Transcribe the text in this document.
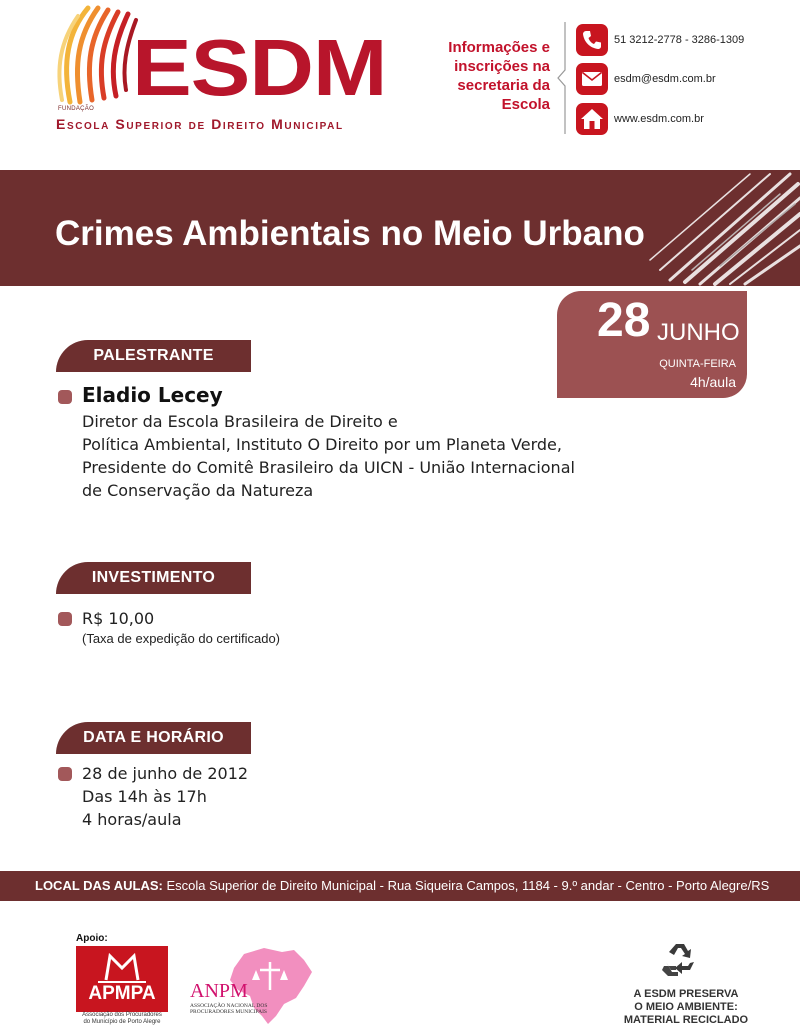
FUNDAÇÃO ESDM
Escola Superior de Direito Municipal
Informações e
inscrições na
secretaria da
Escola
51 3212-2778 - 3286-1309
esdm@esdm.com.br
www.esdm.com.br
Crimes Ambientais no Meio Urbano
28 JUNHO
QUINTA-FEIRA
4h/aula
PALESTRANTE
Eladio Lecey
Diretor da Escola Brasileira de Direito e
Política Ambiental, Instituto O Direito por um Planeta Verde,
Presidente do Comitê Brasileiro da UICN - União Internacional
de Conservação da Natureza
INVESTIMENTO
R$ 10,00
(Taxa de expedição do certificado)
DATA E HORÁRIO
28 de junho de 2012
Das 14h às 17h
4 horas/aula
LOCAL DAS AULAS: Escola Superior de Direito Municipal - Rua Siqueira Campos, 1184 - 9.º andar - Centro - Porto Alegre/RS
Apoio:
APMPA
Associação dos Procuradores
do Município de Porto Alegre
ANPM
ASSOCIAÇÃO NACIONAL DOS
PROCURADORES MUNICIPAIS
A ESDM PRESERVA
O MEIO AMBIENTE:
MATERIAL RECICLADO
